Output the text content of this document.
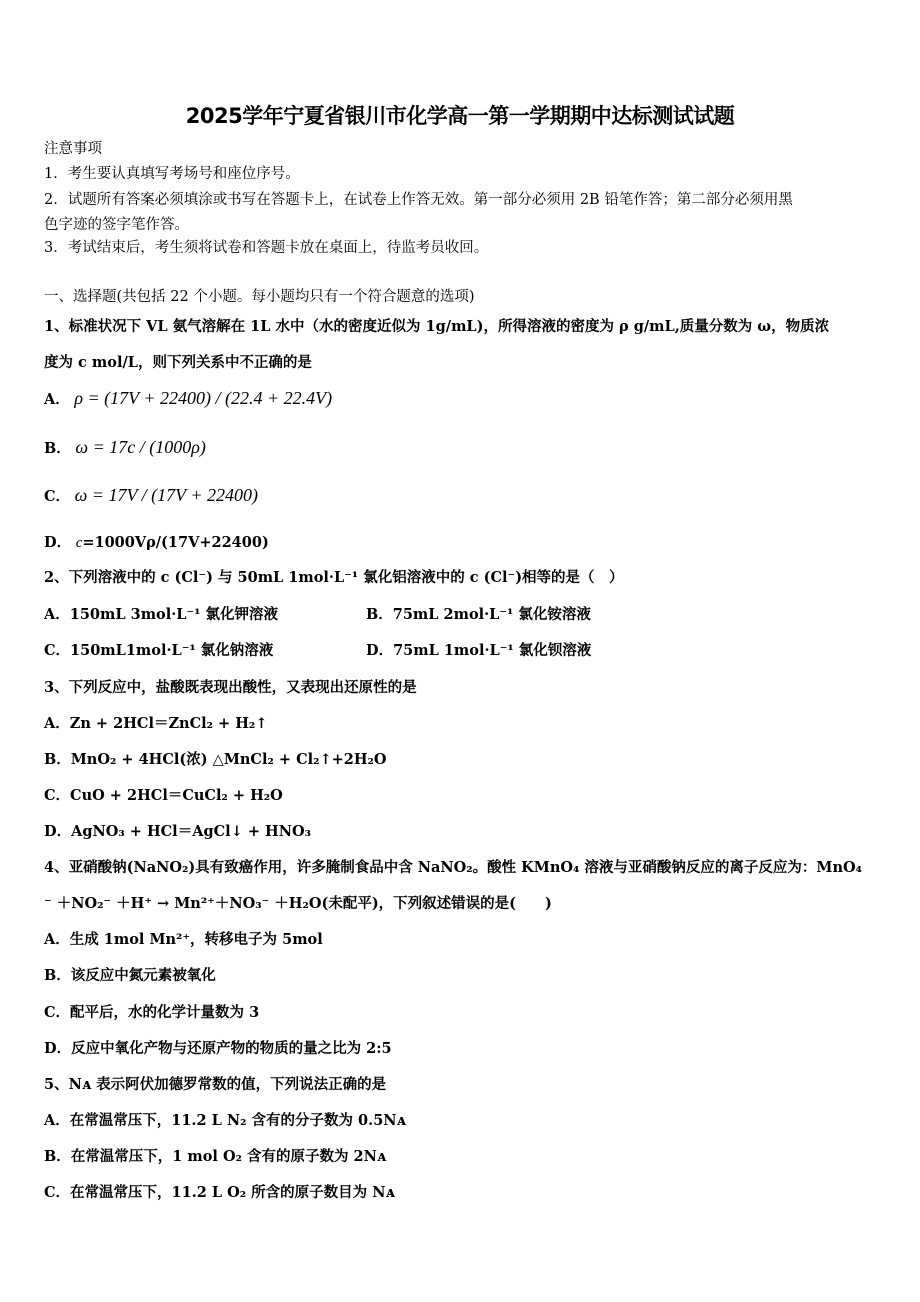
2025学年宁夏省银川市化学高一第一学期期中达标测试试题
注意事项
1．考生要认真填写考场号和座位序号。
2．试题所有答案必须填涂或书写在答题卡上，在试卷上作答无效。第一部分必须用 2B 铅笔作答；第二部分必须用黑
色字迹的签字笔作答。
3．考试结束后，考生须将试卷和答题卡放在桌面上，待监考员收回。
一、选择题(共包括 22 个小题。每小题均只有一个符合题意的选项)
1、标准状况下 VL 氨气溶解在 1L 水中（水的密度近似为 1g/mL)，所得溶液的密度为 ρ g/mL,质量分数为 ω，物质浓
度为 c mol/L，则下列关系中不正确的是
A． ρ = (17V + 22400) / (22.4 + 22.4V)
B． ω = 17c / (1000ρ)
C． ω = 17V / (17V + 22400)
D． c=1000Vρ/(17V+22400)
2、下列溶液中的 c (Cl⁻) 与 50mL 1mol·L⁻¹ 氯化铝溶液中的 c (Cl⁻)相等的是（　）
A．150mL 3mol·L⁻¹ 氯化钾溶液	B．75mL 2mol·L⁻¹ 氯化铵溶液
C．150mL1mol·L⁻¹ 氯化钠溶液	D．75mL 1mol·L⁻¹ 氯化钡溶液
3、下列反应中，盐酸既表现出酸性，又表现出还原性的是
A．Zn + 2HCl＝ZnCl₂ + H₂↑
B．MnO₂ + 4HCl(浓) △MnCl₂ + Cl₂↑+2H₂O
C．CuO + 2HCl＝CuCl₂ + H₂O
D．AgNO₃ + HCl＝AgCl↓ + HNO₃
4、亚硝酸钠(NaNO₂)具有致癌作用，许多腌制食品中含 NaNO₂。酸性 KMnO₄ 溶液与亚硝酸钠反应的离子反应为：MnO₄
⁻ ＋NO₂⁻ ＋H⁺ → Mn²⁺＋NO₃⁻ ＋H₂O(未配平)，下列叙述错误的是(　　)
A．生成 1mol Mn²⁺，转移电子为 5mol
B．该反应中氮元素被氧化
C．配平后，水的化学计量数为 3
D．反应中氧化产物与还原产物的物质的量之比为 2:5
5、Nᴀ 表示阿伏加德罗常数的值，下列说法正确的是
A．在常温常压下，11.2 L N₂ 含有的分子数为 0.5Nᴀ
B．在常温常压下，1 mol O₂ 含有的原子数为 2Nᴀ
C．在常温常压下，11.2 L O₂ 所含的原子数目为 Nᴀ
